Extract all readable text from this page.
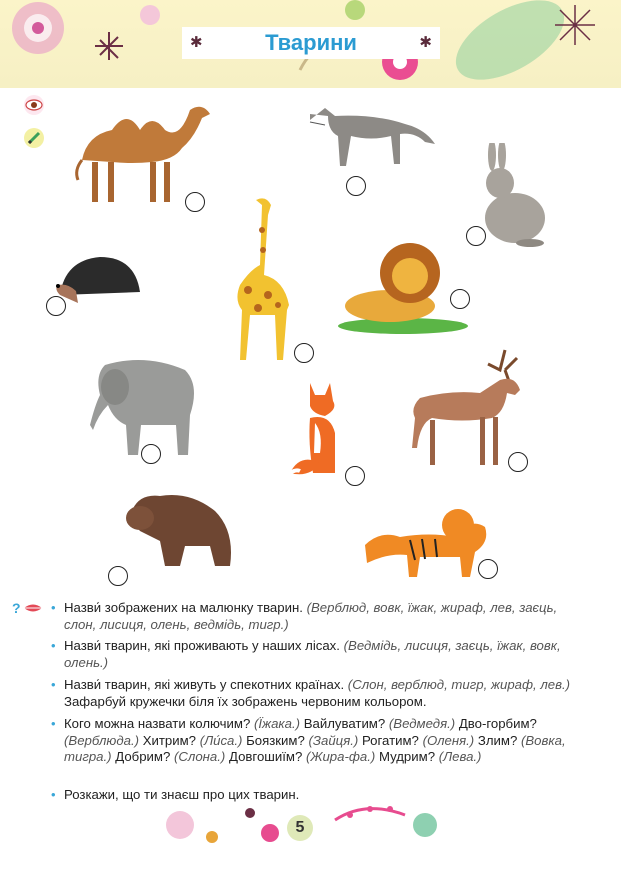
✱	Тварини	✱
? • Назви́ зображених на малюнку тварин. (Верблюд, вовк, їжак, жираф, лев, заєць, слон, лисиця, олень, ведмідь, тигр.)
• Назви́ тварин, які проживають у наших лісах. (Ведмідь, лисиця, заєць, їжак, вовк, олень.)
• Назви́ тварин, які живуть у спекотних країнах. (Слон, верблюд, тигр, жираф, лев.) Зафарбуй кружечки біля їх зображень червоним кольором.
• Кого можна назвати колючим? (Їжака.) Вайлуватим? (Ведмедя.) Дво-горбим? (Верблюда.) Хитрим? (Ли́са.) Боязким? (Зайця.) Рогатим? (Оленя.) Злим? (Вовка, тигра.) Добрим? (Слона.) Довгошиїм? (Жира-фа.) Мудрим? (Лева.)
• Розкажи, що ти знаєш про цих тварин.
5
